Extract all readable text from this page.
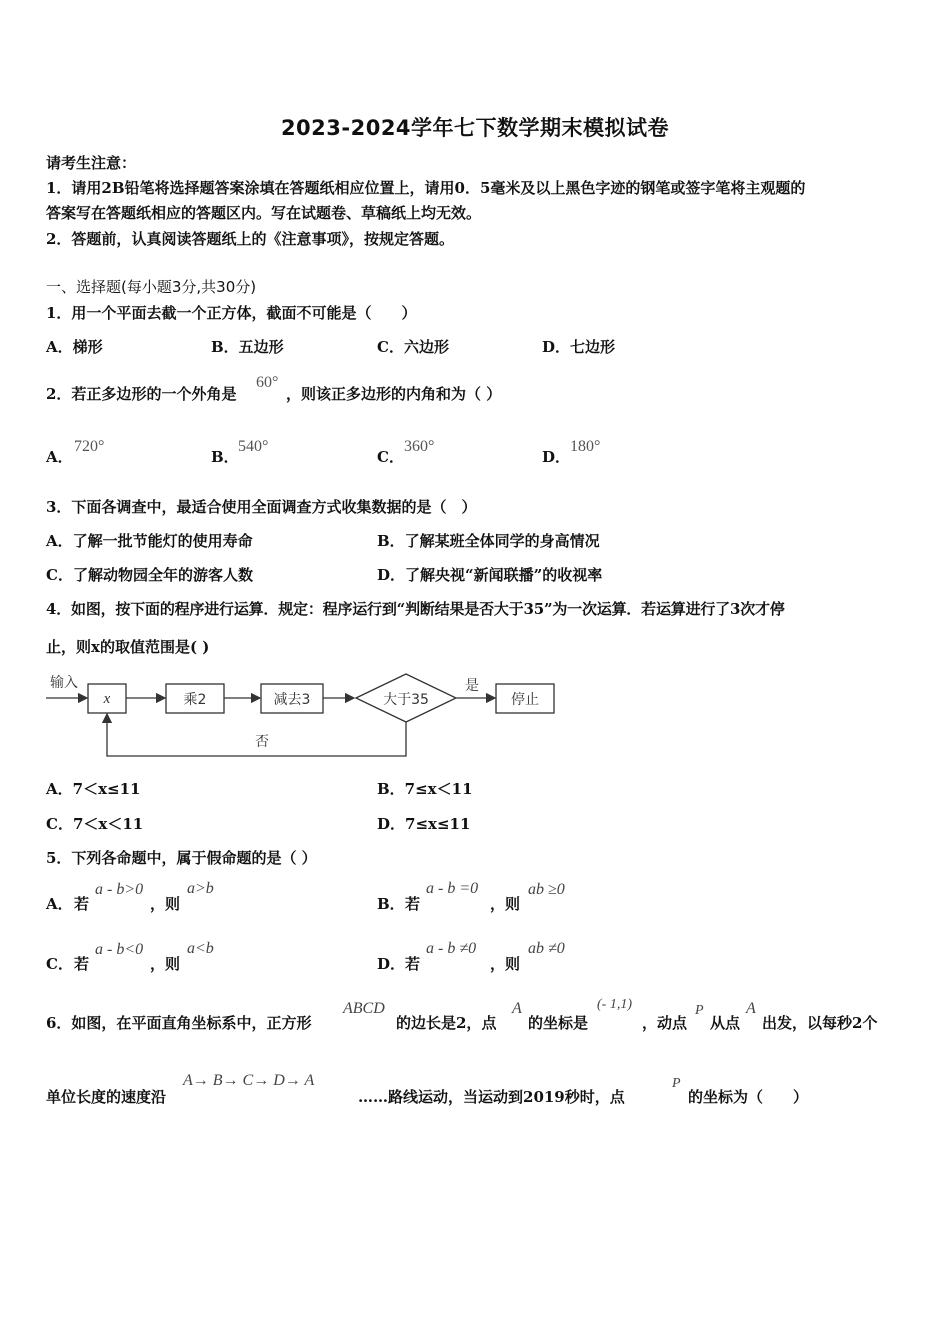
2023-2024学年七下数学期末模拟试卷
请考生注意：
1．请用2B铅笔将选择题答案涂填在答题纸相应位置上，请用0．5毫米及以上黑色字迹的钢笔或签字笔将主观题的
答案写在答题纸相应的答题区内。写在试题卷、草稿纸上均无效。
2．答题前，认真阅读答题纸上的《注意事项》，按规定答题。
一、选择题(每小题3分,共30分)
1．用一个平面去截一个正方体，截面不可能是（　　）
A．梯形	B．五边形	C．六边形	D．七边形
2．若正多边形的一个外角是
60°
，则该正多边形的内角和为（ ）
A．
720°
B．
540°
C．
360°
D．
180°
3．下面各调查中，最适合使用全面调查方式收集数据的是（　）
A．了解一批节能灯的使用寿命	B．了解某班全体同学的身高情况
C．了解动物园全年的游客人数	D．了解央视“新闻联播”的收视率
4．如图，按下面的程序进行运算．规定：程序运行到“判断结果是否大于35”为一次运算．若运算进行了3次才停
止，则x的取值范围是( )
输入
x	乘2	减去3	大于35
是
停止
否
A．7＜x≤11	B．7≤x＜11
C．7＜x＜11	D．7≤x≤11
5．下列各命题中，属于假命题的是（ ）
A． 若
a - b>0
，则
a>b
B． 若
a - b =0
，则
ab ≥0
C． 若
a - b<0
，则
a<b
D． 若
a - b ≠0
，则
ab ≠0
6．如图，在平面直角坐标系中，正方形
ABCD
的边长是2，点
A
的坐标是
(- 1,1)
，动点
P
从点
A
出发，以每秒2个
单位长度的速度沿
A→ B→ C→ D→ A
……路线运动，当运动到2019秒时，点
P
的坐标为（　　）
